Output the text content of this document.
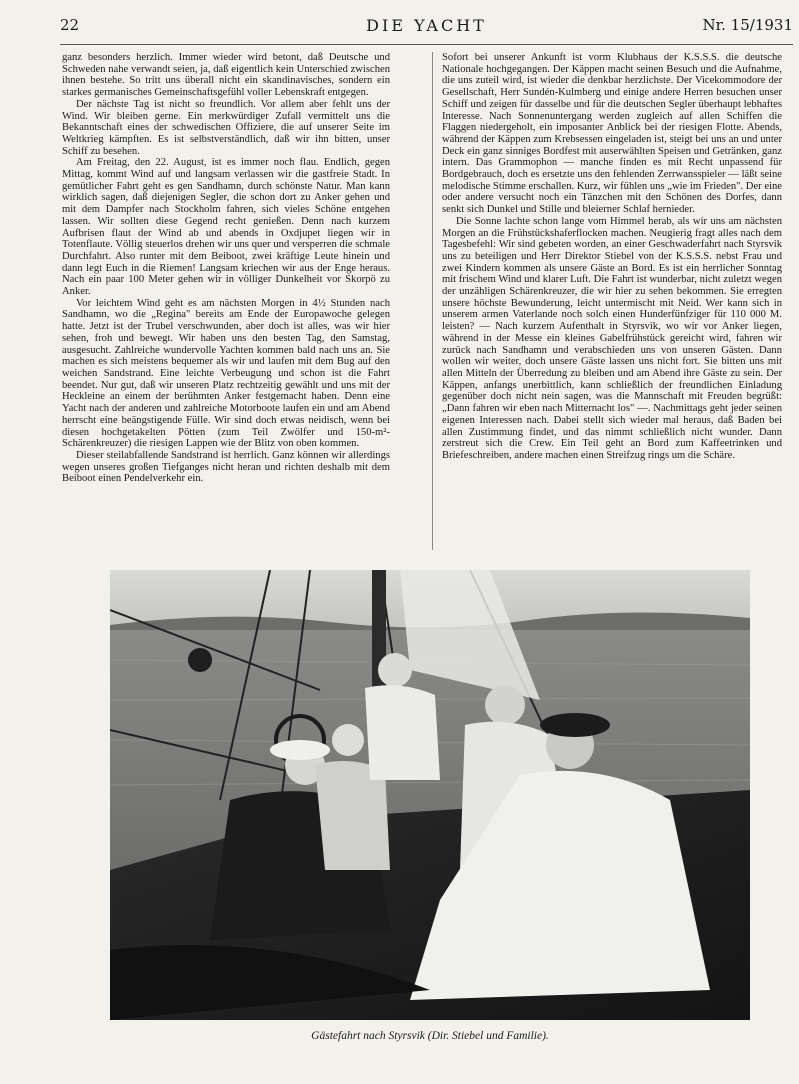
22	DIE YACHT	Nr. 15/1931

ganz besonders herzlich. Immer wieder wird betont, daß Deutsche und Schweden nahe verwandt seien, ja, daß eigentlich kein Unterschied zwischen ihnen bestehe. So tritt uns überall nicht ein skandinavisches, sondern ein starkes germanisches Gemeinschaftsgefühl voller Lebenskraft entgegen.

Der nächste Tag ist nicht so freundlich. Vor allem aber fehlt uns der Wind. Wir bleiben gerne. Ein merkwürdiger Zufall vermittelt uns die Bekanntschaft eines der schwedischen Offiziere, die auf unserer Seite im Weltkrieg kämpften. Es ist selbstverständlich, daß wir ihn bitten, unser Schiff zu besehen.

Am Freitag, den 22. August, ist es immer noch flau. Endlich, gegen Mittag, kommt Wind auf und langsam verlassen wir die gastfreie Stadt. In gemütlicher Fahrt geht es gen Sandhamn, durch schönste Natur. Man kann wirklich sagen, daß diejenigen Segler, die schon dort zu Anker gehen und mit dem Dampfer nach Stockholm fahren, sich vieles Schöne entgehen lassen. Wir sollten diese Gegend recht genießen. Denn nach kurzem Aufbrisen flaut der Wind ab und abends in Oxdjupet liegen wir in Totenflaute. Völlig steuerlos drehen wir uns quer und versperren die schmale Durchfahrt. Also runter mit dem Beiboot, zwei kräftige Leute hinein und dann legt Euch in die Riemen! Langsam kriechen wir aus der Enge heraus. Nach ein paar 100 Meter gehen wir in völliger Dunkelheit vor Skorpö zu Anker.

Vor leichtem Wind geht es am nächsten Morgen in 4½ Stunden nach Sandhamn, wo die „Regina" bereits am Ende der Europawoche gelegen hatte. Jetzt ist der Trubel verschwunden, aber doch ist alles, was wir hier sehen, froh und bewegt. Wir haben uns den besten Tag, den Samstag, ausgesucht. Zahlreiche wundervolle Yachten kommen bald nach uns an. Sie machen es sich meistens bequemer als wir und laufen mit dem Bug auf den weichen Sandstrand. Eine leichte Verbeugung und schon ist die Fahrt beendet. Nur gut, daß wir unseren Platz rechtzeitig gewählt und uns mit der Heckleine an einem der berühmten Anker festgemacht haben. Denn eine Yacht nach der anderen und zahlreiche Motorboote laufen ein und am Abend herrscht eine beängstigende Fülle. Wir sind doch etwas neidisch, wenn bei diesen hochgetakelten Pötten (zum Teil Zwölfer und 150-m²-Schärenkreuzer) die riesigen Lappen wie der Blitz von oben kommen.

Dieser steilabfallende Sandstrand ist herrlich. Ganz können wir allerdings wegen unseres großen Tiefganges nicht heran und richten deshalb mit dem Beiboot einen Pendelverkehr ein.

Sofort bei unserer Ankunft ist vorm Klubhaus der K.S.S.S. die deutsche Nationale hochgegangen. Der Käppen macht seinen Besuch und die Aufnahme, die uns zuteil wird, ist wieder die denkbar herzlichste. Der Vicekommodore der Gesellschaft, Herr Sundén-Kulmberg und einige andere Herren besuchen unser Schiff und zeigen für dasselbe und für die deutschen Segler überhaupt lebhaftes Interesse. Nach Sonnenuntergang werden zugleich auf allen Schiffen die Flaggen niedergeholt, ein imposanter Anblick bei der riesigen Flotte. Abends, während der Käppen zum Krebsessen eingeladen ist, steigt bei uns an und unter Deck ein ganz sinniges Bordfest mit auserwählten Speisen und Getränken, ganz intern. Das Grammophon — manche finden es mit Recht unpassend für Bordgebrauch, doch es ersetzte uns den fehlenden Zerrwansspieler — läßt seine melodische Stimme erschallen. Kurz, wir fühlen uns „wie im Frieden". Der eine oder andere versucht noch ein Tänzchen mit den Schönen des Dorfes, dann senkt sich Dunkel und Stille und bleierner Schlaf hernieder.

Die Sonne lachte schon lange vom Himmel herab, als wir uns am nächsten Morgen an die Frühstückshaferflocken machen. Neugierig fragt alles nach dem Tagesbefehl: Wir sind gebeten worden, an einer Geschwaderfahrt nach Styrsvik uns zu beteiligen und Herr Direktor Stiebel von der K.S.S.S. nebst Frau und zwei Kindern kommen als unsere Gäste an Bord. Es ist ein herrlicher Sonntag mit frischem Wind und klarer Luft. Die Fahrt ist wunderbar, nicht zuletzt wegen der unzähligen Schärenkreuzer, die wir hier zu sehen bekommen. Sie erregten unsere höchste Bewunderung, leicht untermischt mit Neid. Wer kann sich in unserem armen Vaterlande noch solch einen Hunderfünfziger für 110 000 M. leisten? — Nach kurzem Aufenthalt in Styrsvik, wo wir vor Anker liegen, während in der Messe ein kleines Gabelfrühstück gereicht wird, fahren wir zurück nach Sandhamn und verabschieden uns von unseren Gästen. Dann wollen wir weiter, doch unsere Gäste lassen uns nicht fort. Sie bitten uns mit allen Mitteln der Überredung zu bleiben und am Abend ihre Gäste zu sein. Der Käppen, anfangs unerbittlich, kann schließlich der freundlichen Einladung gegenüber doch nicht nein sagen, was die Mannschaft mit Freuden begrüßt: „Dann fahren wir eben nach Mitternacht los" —. Nachmittags geht jeder seinen eigenen Interessen nach. Dabei stellt sich wieder mal heraus, daß Baden bei allen Zustimmung findet, und das nimmt schließlich nicht wunder. Dann zerstreut sich die Crew. Ein Teil geht an Bord zum Kaffeetrinken und Briefeschreiben, andere machen einen Streifzug rings um die Schäre.

Gästefahrt nach Styrsvik (Dir. Stiebel und Familie).
